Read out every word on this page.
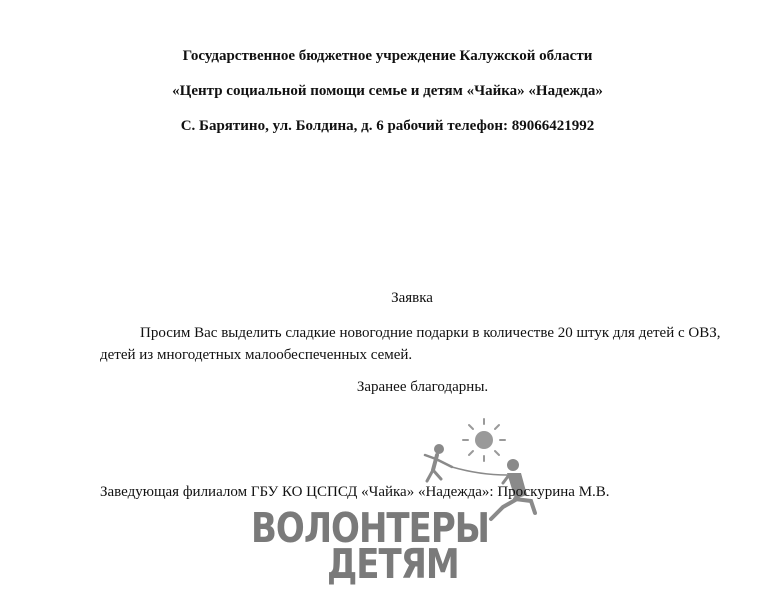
Государственное бюджетное учреждение Калужской области
«Центр социальной помощи семье и детям «Чайка» «Надежда»
С. Барятино, ул. Болдина, д. 6 рабочий телефон: 89066421992
Заявка
Просим Вас выделить сладкие новогодние подарки в количестве 20 штук для детей с ОВЗ, детей из многодетных малообеспеченных семей.
Заранее благодарны.
ВОЛОНТЕРЫ
ДЕТЯМ
Заведующая филиалом ГБУ КО ЦСПСД «Чайка» «Надежда»: Проскурина М.В.
